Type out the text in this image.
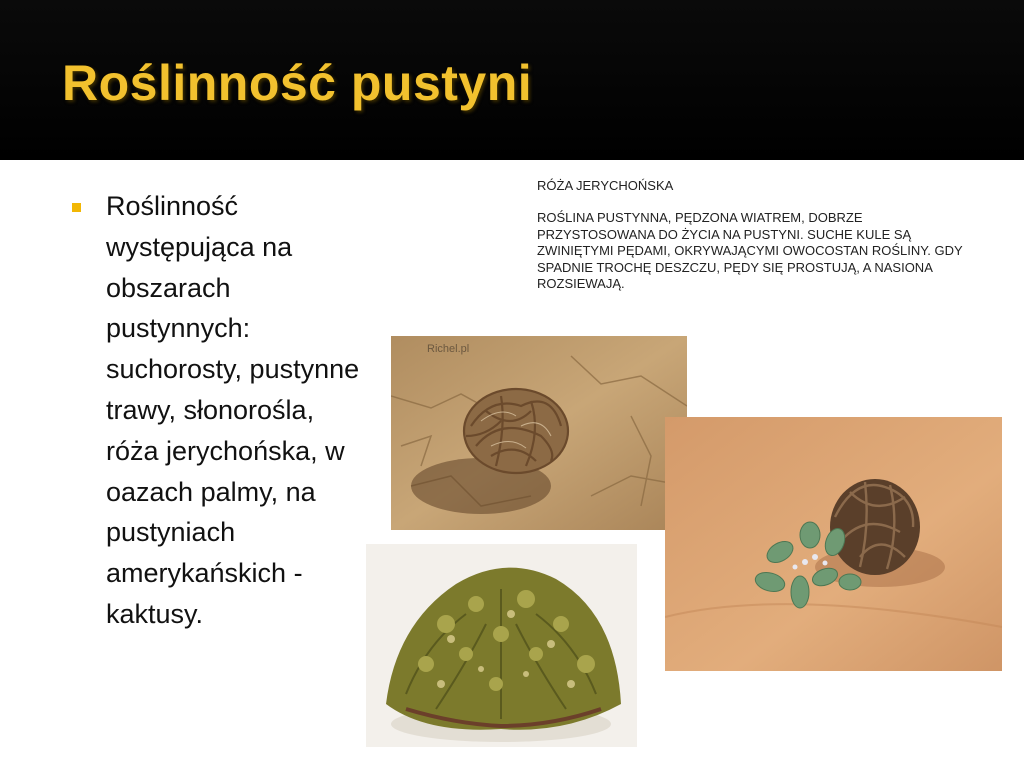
Roślinność pustyni
Roślinność występująca na obszarach pustynnych: suchorosty, pustynne trawy, słonorośla, róża jerychońska, w oazach palmy, na pustyniach amerykańskich - kaktusy.
RÓŻA JERYCHOŃSKA
ROŚLINA PUSTYNNA, PĘDZONA WIATREM, DOBRZE PRZYSTOSOWANA DO ŻYCIA NA PUSTYNI. SUCHE KULE SĄ ZWINIĘTYMI PĘDAMI, OKRYWAJĄCYMI OWOCOSTAN ROŚLINY. GDY SPADNIE TROCHĘ DESZCZU, PĘDY SIĘ PROSTUJĄ, A NASIONA ROZSIEWAJĄ.
Richel.pl
